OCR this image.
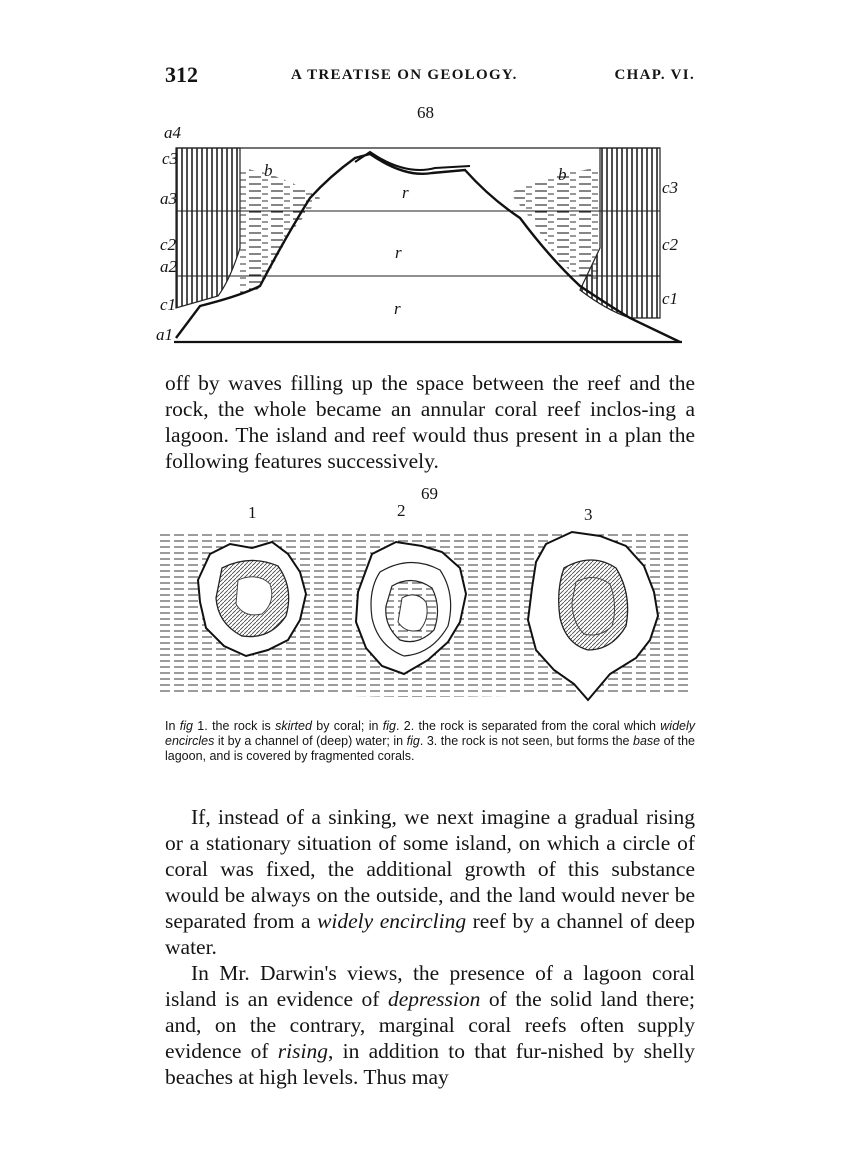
312	A TREATISE ON GEOLOGY.	CHAP. VI.
68
a4
c3
a3
c2
a2
c1
a1
b	b
r
r
r
c3
c2
c1

off by waves filling up the space between the reef and the rock, the whole became an annular coral reef inclos-ing a lagoon. The island and reef would thus present in a plan the following features successively.

69
1	2	3

In fig 1. the rock is skirted by coral; in fig. 2. the rock is separated from the coral which widely encircles it by a channel of (deep) water; in fig. 3. the rock is not seen, but forms the base of the lagoon, and is covered by fragmented corals.

If, instead of a sinking, we next imagine a gradual rising or a stationary situation of some island, on which a circle of coral was fixed, the additional growth of this substance would be always on the outside, and the land would never be separated from a widely encircling reef by a channel of deep water.

In Mr. Darwin's views, the presence of a lagoon coral island is an evidence of depression of the solid land there; and, on the contrary, marginal coral reefs often supply evidence of rising, in addition to that fur-nished by shelly beaches at high levels. Thus may
